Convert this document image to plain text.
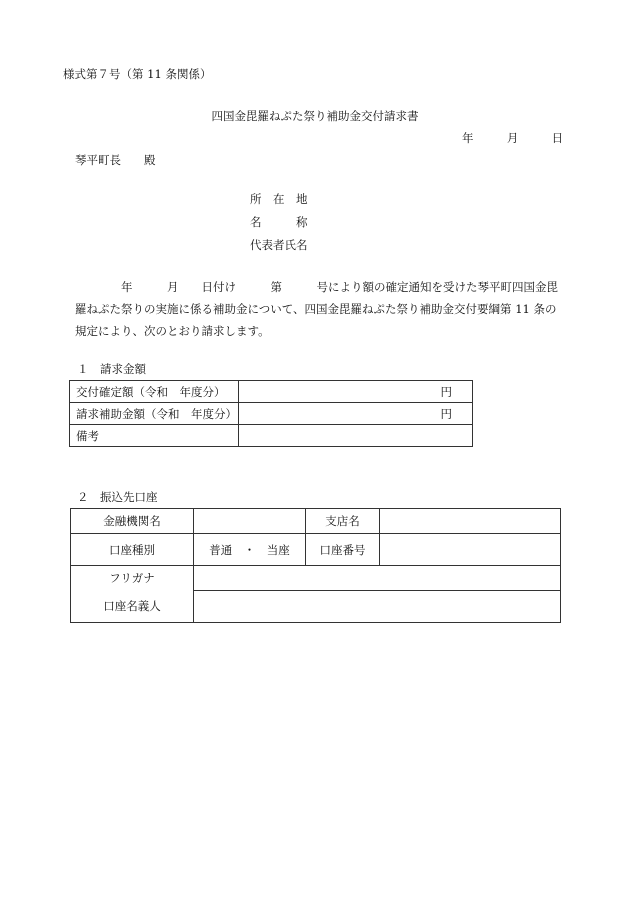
様式第７号（第 11 条関係）
四国金毘羅ねぷた祭り補助金交付請求書
年	月	日
琴平町長　　殿
所　在　地
名　　　称
代表者氏名
年　　　月　　日付け　　　第　　　号により額の確定通知を受けた琴平町四国金毘羅ねぷた祭りの実施に係る補助金について、四国金毘羅ねぷた祭り補助金交付要綱第 11 条の規定により、次のとおり請求します。
１　請求金額
交付確定額（令和　年度分）	円
請求補助金額（令和　年度分）	円
備考	
２　振込先口座
金融機関名		支店名	
口座種別	普通　・　当座	口座番号	
フリガナ			
口座名義人			
